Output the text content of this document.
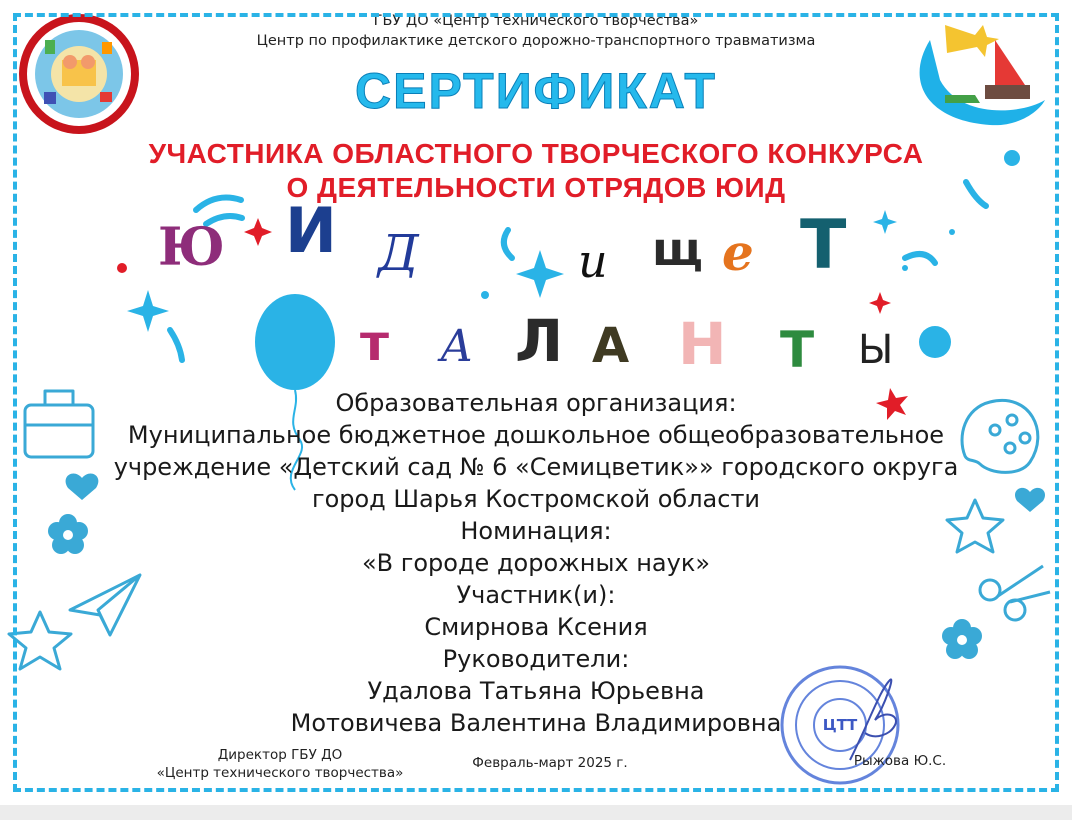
ГБУ ДО «Центр технического творчества»
Центр по профилактике детского дорожно-транспортного травматизма
СЕРТИФИКАТ
УЧАСТНИКА ОБЛАСТНОГО ТВОРЧЕСКОГО КОНКУРСА
О ДЕЯТЕЛЬНОСТИ ОТРЯДОВ ЮИД
Ю И Д	и щ е Т
т А Л А Н Т Ы
Образовательная организация:
Муниципальное бюджетное дошкольное общеобразовательное
учреждение «Детский сад № 6 «Семицветик»» городского округа
город Шарья Костромской области
Номинация:
«В городе дорожных наук»
Участник(и):
Смирнова Ксения
Руководители:
Удалова Татьяна Юрьевна
Мотовичева Валентина Владимировна
Директор ГБУ ДО
«Центр технического творчества»
Февраль-март 2025 г.
ЦТТ
Рыжова Ю.С.
